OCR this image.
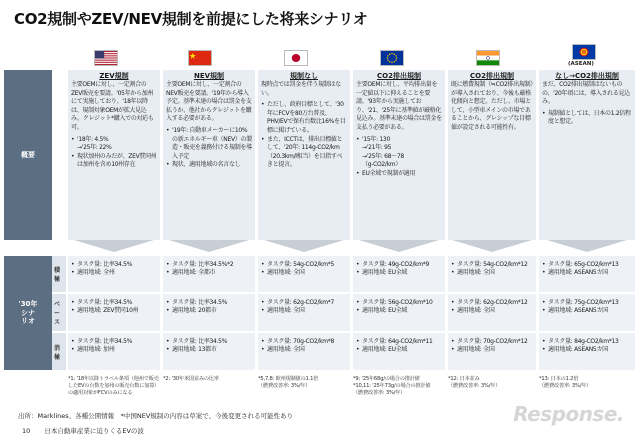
CO2規制やZEV/NEV規制を前提にした将来シナリオ
(ASEAN)
概要
'30年
シナ
リオ
積極
ベース
消極
ZEV規制
主要OEMに対し、一定割合のZEV販売を要請。'05年から加州にて実施しており、'18年以降は、規制対象OEMが拡大見込み。クレジット*購入での対応も可。
• '18年: 4.5%
→'25年: 22%
• 現状加州のみだが、ZEV賛同州は加州を含め10州存在
NEV規制
主要OEMに対し、一定割合のNEV販売を要請。'19年から導入予定。基準未達の場合は罰金を支払うか、他社からクレジットを購入する必要がある。
• '19年: 自動車メーカーに10%の新エネルギー車（NEV）の製造・販売を義務付ける規制を導入予定
• 現状、適用地域の名言なし
規制なし
現時点では罰金を伴う規制はない。
• ただし、政府目標として、'30年にFCVを80万台普及、PHV/EVで保有台数比16%を目標に掲げている。
• また、ICCTは、排出目標値として、'20年: 114g-CO2/km（20.3km/l相当）を目指すべきと提言。
CO2排出規制
主要OEMに対し、平均排出量を一定値以下に抑えることを要請。'93年から実施しており、'21、'25年に基準値が厳格化見込み。基準未達の場合は罰金を支払う必要がある。
• '15年: 130
→'21年: 95
→'25年: 68～78
（g-CO2/km）
• EU全域で規制が適用
CO2排出規制
既に燃費規制（≒CO2排出規制）が導入されており、今後も厳格化傾向と想定。ただし、市場として、小型車メインの市場であることから、グレシップな目標値が設定される可能性有。
なし→CO2排出規制
まだ、CO2排出規制はないものの、'20年頃には、導入される見込み。
• 規制値としては、日本の1.2倍程度と想定。
• タスク量: 比率34.5%
• 適用地域: 全州
• タスク量: 比率34.5%
• 適用地域: ZEV賛同10州
• タスク量: 比率34.5%
• 適用地域: 加州
• タスク量: 比率34.5%*2
• 適用地域: 全都市
• タスク量: 比率34.5%
• 適用地域: 20都市
• タスク量: 比率34.5%
• 適用地域: 13都市
• タスク量: 54g-CO2/km*5
• 適用地域: 全国
• タスク量: 62g-CO2/km*7
• 適用地域: 全国
• タスク量: 70g-CO2/km*8
• 適用地域: 全国
• タスク量: 49g-CO2/km*9
• 適用地域: EU全域
• タスク量: 56g-CO2/km*10
• 適用地域: EU全域
• タスク量: 64g-CO2/km*11
• 適用地域: EU全域
• タスク量: 54g-CO2/km*12
• 適用地域: 全国
• タスク量: 62g-CO2/km*12
• 適用地域: 全国
• タスク量: 70g-CO2/km*12
• 適用地域: 全国
• タスク量: 65g-CO2/km*13
• 適用地域: ASEAN5カ国
• タスク量: 75g-CO2/km*13
• 適用地域: ASEAN5カ国
• タスク量: 84g-CO2/km*13
• 適用地域: ASEAN5カ国
*1: '18年以降トラベル条項（他州で販売したEVの台数を加州の販売台数に加算）の適用対象がFCVのみになる
*2: '30年米国並みの比率	*5,7,8: 欧州規制値の1.1倍
（燃費改善率: 3%/年）
*9: '25年68g/の場合の推計値
*10,11: '25年73g/の場合の推計値
（燃費改善率: 3%/年）
*12: 日本並み
（燃費改善率: 3%/年）
*13: 日本の1.2倍
（燃費改善率: 3%/年）
出所：Marklines、各種公開情報　*中国NEV規制の内容は草案で、今後変更される可能性あり
10 日本自動車産業に迫りくるEVの波
Response.
